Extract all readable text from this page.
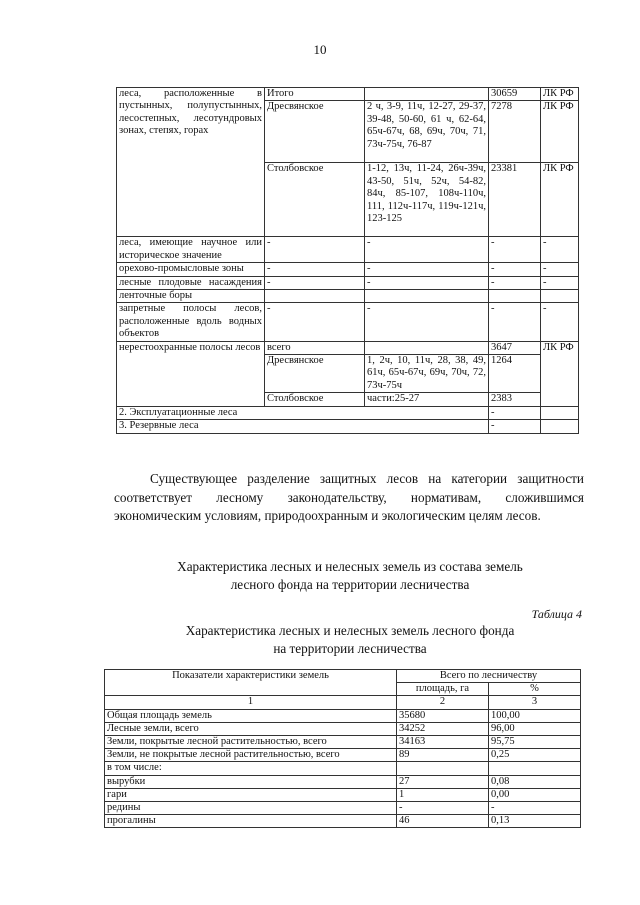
10
леса, расположенные в пустынных, полупустынных, лесостепных, лесотундровых зонах, степях, горах	Итого		30659	ЛК РФ
	Дресвянское	2 ч, 3-9, 11ч, 12-27, 29-37, 39-48, 50-60, 61 ч, 62-64, 65ч-67ч, 68, 69ч, 70ч, 71, 73ч-75ч, 76-87	7278	ЛК РФ
	Столбовское	1-12, 13ч, 11-24, 26ч-39ч, 43-50, 51ч, 52ч, 54-82, 84ч, 85-107, 108ч-110ч, 111, 112ч-117ч, 119ч-121ч, 123-125	23381	ЛК РФ
леса, имеющие научное или историческое значение	-	-	-	-
орехово-промысловые зоны	-	-	-	-
лесные плодовые насаждения	-	-	-	-
ленточные боры				
запретные полосы лесов, расположенные вдоль водных объектов	-	-	-	-
нерестоохранные полосы лесов	всего		3647	ЛК РФ
	Дресвянское	1, 2ч, 10, 11ч, 28, 38, 49, 61ч, 65ч-67ч, 69ч, 70ч, 72, 73ч-75ч	1264	
	Столбовское	части:25-27	2383	
2. Эксплуатационные леса			-	
3. Резервные леса			-	
Существующее разделение защитных лесов на категории защитности соответствует лесному законодательству, нормативам, сложившимся экономическим условиям, природоохранным и экологическим целям лесов.
Характеристика лесных и нелесных земель из состава земель
лесного фонда на территории лесничества
Таблица 4
Характеристика лесных и нелесных земель лесного фонда
на территории лесничества
Показатели характеристики земель	Всего по лесничеству	
	площадь, га	%
1	2	3
Общая площадь земель	35680	100,00
Лесные земли, всего	34252	96,00
Земли, покрытые лесной растительностью, всего	34163	95,75
Земли, не покрытые лесной растительностью, всего	89	0,25
в том числе:		
вырубки	27	0,08
гари	1	0,00
редины	-	-
прогалины	46	0,13
